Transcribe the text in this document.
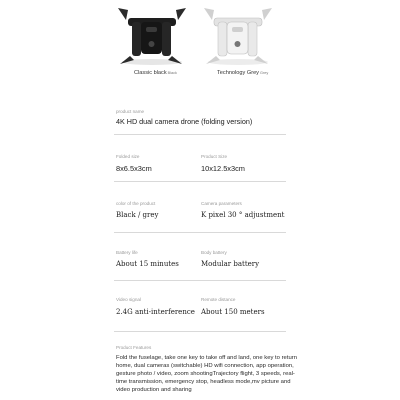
Classic blackBlack	Technology GreyGrey
product name
4K HD dual camera drone (folding version)
Folded size
8x6.5x3cm
Product Size
10x12.5x3cm
color of the product
Black / grey
Camera parameters
K pixel 30 ° adjustment
Battery life
About 15 minutes
Body battery
Modular battery
Video signal
2.4G anti-interference
Remote distance
About 150 meters
Product Features
Fold the fuselage, take one key to take off and land, one key to return home, dual cameras (switchable) HD wifi connection, app operation, gesture photo / video, zoom shootingTrajectory flight, 3 speeds, real-time transmission, emergency stop, headless mode,mv picture and video production and sharing
